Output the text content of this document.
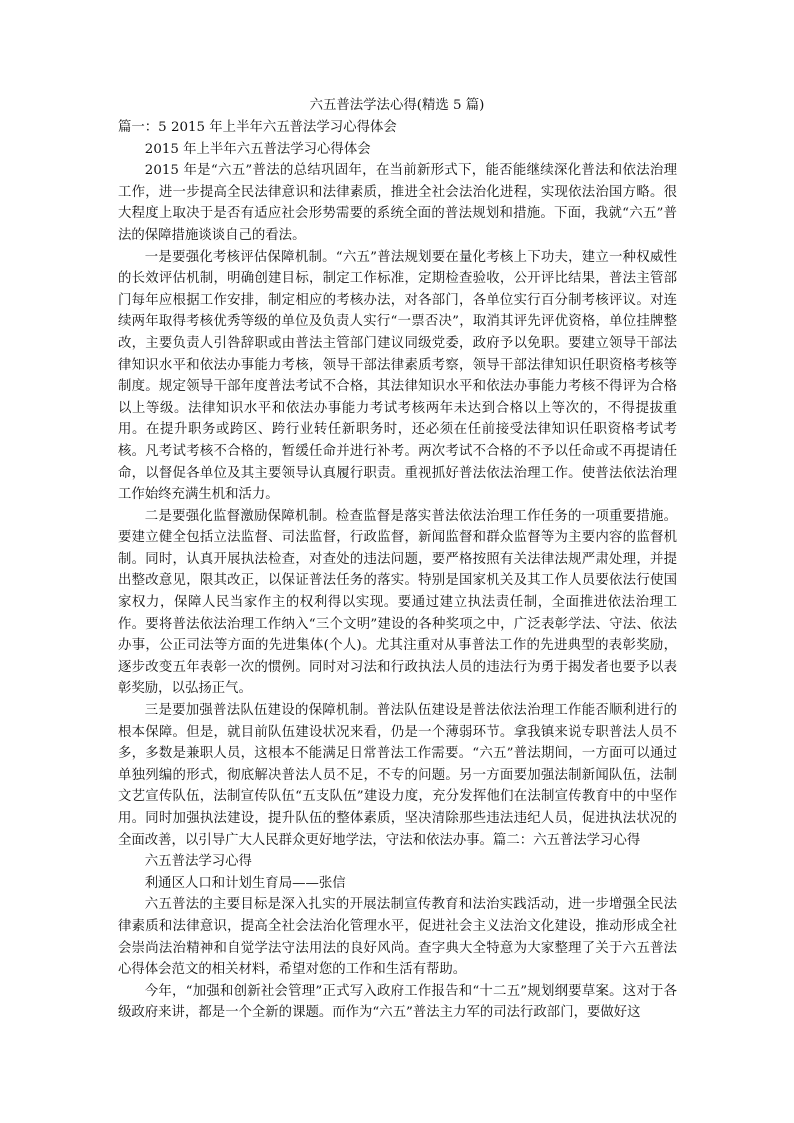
六五普法学法心得(精选 5 篇)

篇一：5 2015 年上半年六五普法学习心得体会

2015 年上半年六五普法学习心得体会

2015 年是“六五”普法的总结巩固年，在当前新形式下，能否能继续深化普法和依法治理工作，进一步提高全民法律意识和法律素质，推进全社会法治化进程，实现依法治国方略。很大程度上取决于是否有适应社会形势需要的系统全面的普法规划和措施。下面，我就“六五”普法的保障措施谈谈自己的看法。

一是要强化考核评估保障机制。“六五”普法规划要在量化考核上下功夫，建立一种权威性的长效评估机制，明确创建目标，制定工作标准，定期检查验收，公开评比结果，普法主管部门每年应根据工作安排，制定相应的考核办法，对各部门，各单位实行百分制考核评议。对连续两年取得考核优秀等级的单位及负责人实行“一票否决”，取消其评先评优资格，单位挂牌整改，主要负责人引咎辞职或由普法主管部门建议同级党委，政府予以免职。要建立领导干部法律知识水平和依法办事能力考核，领导干部法律素质考察，领导干部法律知识任职资格考核等制度。规定领导干部年度普法考试不合格，其法律知识水平和依法办事能力考核不得评为合格以上等级。法律知识水平和依法办事能力考试考核两年未达到合格以上等次的，不得提拔重用。在提升职务或跨区、跨行业转任新职务时，还必须在任前接受法律知识任职资格考试考核。凡考试考核不合格的，暂缓任命并进行补考。两次考试不合格的不予以任命或不再提请任命，以督促各单位及其主要领导认真履行职责。重视抓好普法依法治理工作。使普法依法治理工作始终充满生机和活力。

二是要强化监督激励保障机制。检查监督是落实普法依法治理工作任务的一项重要措施。要建立健全包括立法监督、司法监督，行政监督，新闻监督和群众监督等为主要内容的监督机制。同时，认真开展执法检查，对查处的违法问题，要严格按照有关法律法规严肃处理，并提出整改意见，限其改正，以保证普法任务的落实。特别是国家机关及其工作人员要依法行使国家权力，保障人民当家作主的权利得以实现。要通过建立执法责任制，全面推进依法治理工作。要将普法依法治理工作纳入“三个文明”建设的各种奖项之中，广泛表彰学法、守法、依法办事，公正司法等方面的先进集体(个人)。尤其注重对从事普法工作的先进典型的表彰奖励，逐步改变五年表彰一次的惯例。同时对习法和行政执法人员的违法行为勇于揭发者也要予以表彰奖励，以弘扬正气。

三是要加强普法队伍建设的保障机制。普法队伍建设是普法依法治理工作能否顺利进行的根本保障。但是，就目前队伍建设状况来看，仍是一个薄弱环节。拿我镇来说专职普法人员不多，多数是兼职人员，这根本不能满足日常普法工作需要。“六五”普法期间，一方面可以通过单独列编的形式，彻底解决普法人员不足，不专的问题。另一方面要加强法制新闻队伍，法制文艺宣传队伍，法制宣传队伍“五支队伍”建设力度，充分发挥他们在法制宣传教育中的中坚作用。同时加强执法建设，提升队伍的整体素质，坚决清除那些违法违纪人员，促进执法状况的全面改善，以引导广大人民群众更好地学法，守法和依法办事。篇二：六五普法学习心得

六五普法学习心得

利通区人口和计划生育局——张信

六五普法的主要目标是深入扎实的开展法制宣传教育和法治实践活动，进一步增强全民法律素质和法律意识，提高全社会法治化管理水平，促进社会主义法治文化建设，推动形成全社会崇尚法治精神和自觉学法守法用法的良好风尚。查字典大全特意为大家整理了关于六五普法心得体会范文的相关材料，希望对您的工作和生活有帮助。

今年，“加强和创新社会管理”正式写入政府工作报告和“十二五”规划纲要草案。这对于各级政府来讲，都是一个全新的课题。而作为“六五”普法主力军的司法行政部门，要做好这
